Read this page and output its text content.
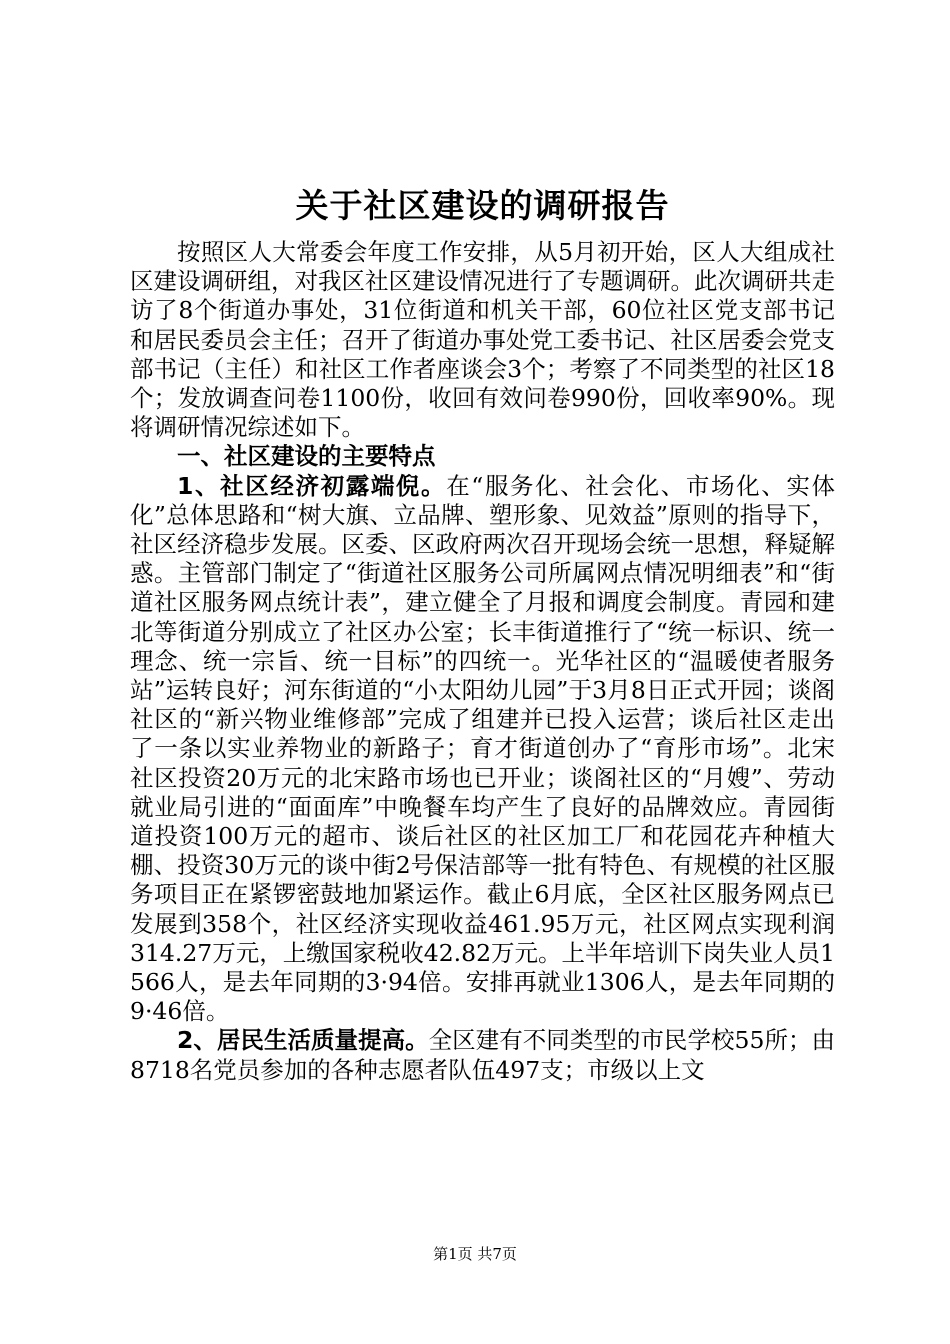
关于社区建设的调研报告

按照区人大常委会年度工作安排，从5月初开始，区人大组成社区建设调研组，对我区社区建设情况进行了专题调研。此次调研共走访了8个街道办事处，31位街道和机关干部，60位社区党支部书记和居民委员会主任；召开了街道办事处党工委书记、社区居委会党支部书记（主任）和社区工作者座谈会3个；考察了不同类型的社区18个；发放调查问卷1100份，收回有效问卷990份，回收率90%。现将调研情况综述如下。

一、社区建设的主要特点

1、社区经济初露端倪。在“服务化、社会化、市场化、实体化”总体思路和“树大旗、立品牌、塑形象、见效益”原则的指导下，社区经济稳步发展。区委、区政府两次召开现场会统一思想，释疑解惑。主管部门制定了“街道社区服务公司所属网点情况明细表”和“街道社区服务网点统计表”，建立健全了月报和调度会制度。青园和建北等街道分别成立了社区办公室；长丰街道推行了“统一标识、统一理念、统一宗旨、统一目标”的四统一。光华社区的“温暖使者服务站”运转良好；河东街道的“小太阳幼儿园”于3月8日正式开园；谈阁社区的“新兴物业维修部”完成了组建并已投入运营；谈后社区走出了一条以实业养物业的新路子；育才街道创办了“育彤市场”。北宋社区投资20万元的北宋路市场也已开业；谈阁社区的“月嫂”、劳动就业局引进的“面面库”中晚餐车均产生了良好的品牌效应。青园街道投资100万元的超市、谈后社区的社区加工厂和花园花卉种植大棚、投资30万元的谈中街2号保洁部等一批有特色、有规模的社区服务项目正在紧锣密鼓地加紧运作。截止6月底，全区社区服务网点已发展到358个，社区经济实现收益461.95万元，社区网点实现利润314.27万元，上缴国家税收42.82万元。上半年培训下岗失业人员1566人，是去年同期的3·94倍。安排再就业1306人，是去年同期的9·46倍。

2、居民生活质量提高。全区建有不同类型的市民学校55所；由8718名党员参加的各种志愿者队伍497支；市级以上文

第1页 共7页
